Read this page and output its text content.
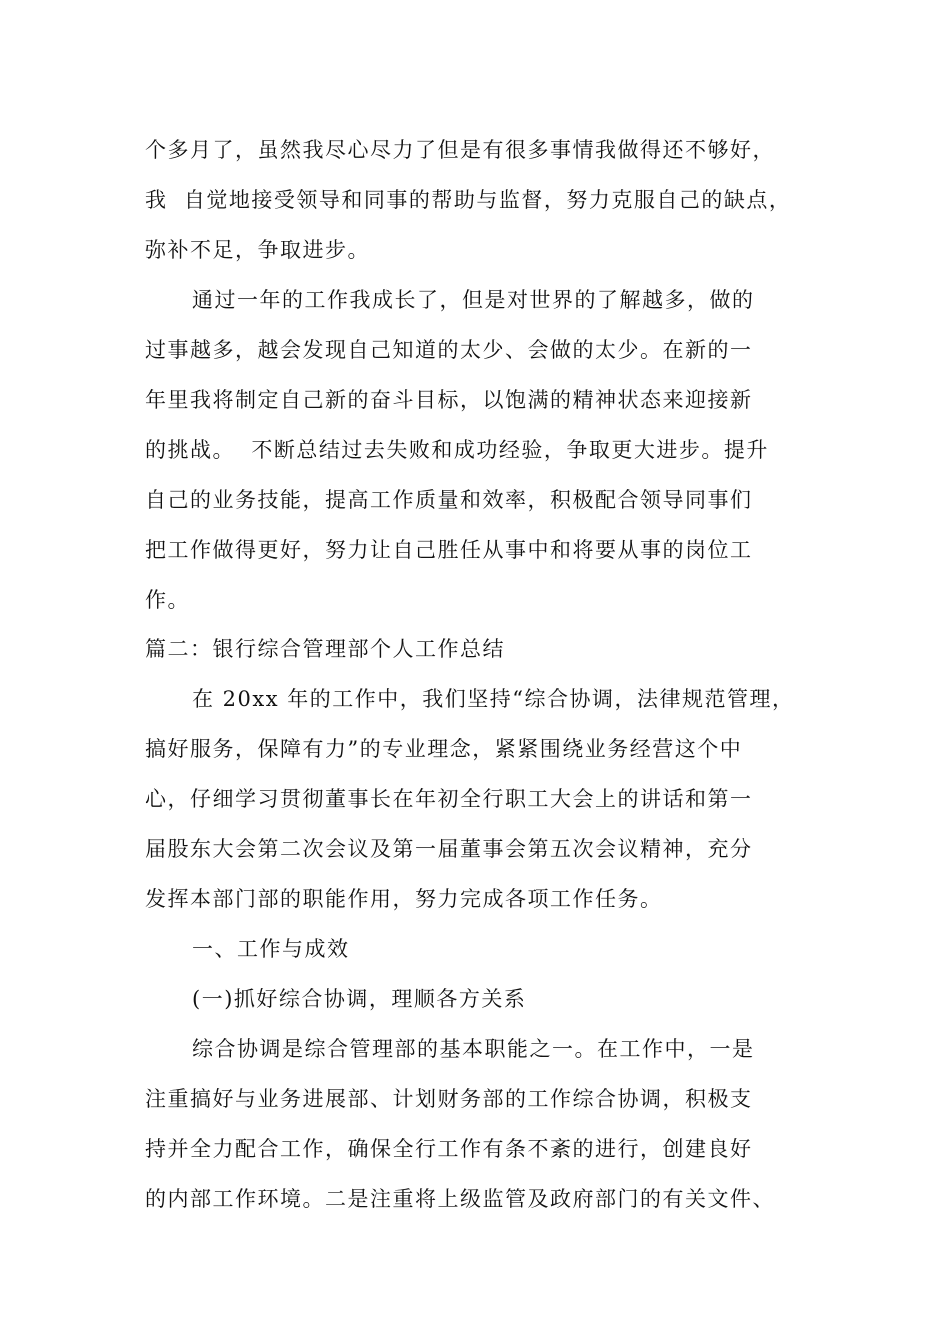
个多月了，虽然我尽心尽力了但是有很多事情我做得还不够好，

我  自觉地接受领导和同事的帮助与监督，努力克服自己的缺点，

弥补不足，争取进步。

通过一年的工作我成长了，但是对世界的了解越多，做的

过事越多，越会发现自己知道的太少、会做的太少。在新的一

年里我将制定自己新的奋斗目标，以饱满的精神状态来迎接新

的挑战。  不断总结过去失败和成功经验，争取更大进步。提升

自己的业务技能，提高工作质量和效率，积极配合领导同事们

把工作做得更好，努力让自己胜任从事中和将要从事的岗位工

作。

篇二：银行综合管理部个人工作总结

在 20xx 年的工作中，我们坚持“综合协调，法律规范管理，

搞好服务，保障有力”的专业理念，紧紧围绕业务经营这个中

心，仔细学习贯彻董事长在年初全行职工大会上的讲话和第一

届股东大会第二次会议及第一届董事会第五次会议精神，充分

发挥本部门部的职能作用，努力完成各项工作任务。

一、工作与成效

(一)抓好综合协调，理顺各方关系

综合协调是综合管理部的基本职能之一。在工作中，一是

注重搞好与业务进展部、计划财务部的工作综合协调，积极支

持并全力配合工作，确保全行工作有条不紊的进行，创建良好

的内部工作环境。二是注重将上级监管及政府部门的有关文件、
